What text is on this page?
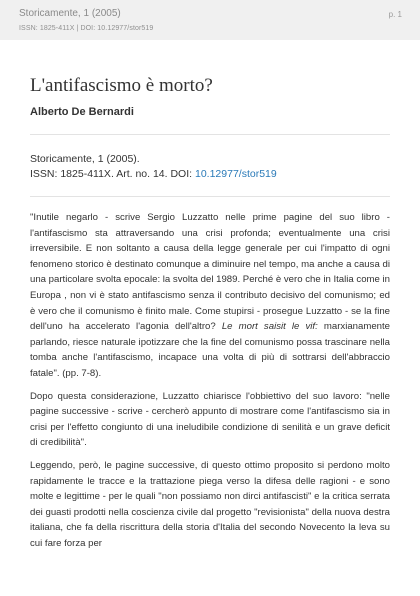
Storicamente, 1 (2005)
ISSN: 1825-411X | DOI: 10.12977/stor519
p. 1
L'antifascismo è morto?
Alberto De Bernardi
Storicamente, 1 (2005).
ISSN: 1825-411X. Art. no. 14. DOI: 10.12977/stor519

"Inutile negarlo - scrive Sergio Luzzatto nelle prime pagine del suo libro - l'antifascismo sta attraversando una crisi profonda; eventualmente una crisi irreversibile. E non soltanto a causa della legge generale per cui l'impatto di ogni fenomeno storico è destinato comunque a diminuire nel tempo, ma anche a causa di una particolare svolta epocale: la svolta del 1989. Perché è vero che in Italia come in Europa , non vi è stato antifascismo senza il contributo decisivo del comunismo; ed è vero che il comunismo è finito male. Come stupirsi - prosegue Luzzatto - se la fine dell'uno ha accelerato l'agonia dell'altro? Le mort saisit le vif: marxianamente parlando, riesce naturale ipotizzare che la fine del comunismo possa trascinare nella tomba anche l'antifascismo, incapace una volta di più di sottrarsi dell'abbraccio fatale". (pp. 7-8).

Dopo questa considerazione, Luzzatto chiarisce l'obbiettivo del suo lavoro: "nelle pagine successive - scrive - cercherò appunto di mostrare come l'antifascismo sia in crisi per l'effetto congiunto di una ineludibile condizione di senilità e un grave deficit di credibilità".

Leggendo, però, le pagine successive, di questo ottimo proposito si perdono molto rapidamente le tracce e la trattazione piega verso la difesa delle ragioni - e sono molte e legittime - per le quali "non possiamo non dirci antifascisti" e la critica serrata dei guasti prodotti nella coscienza civile dal progetto "revisionista" della nuova destra italiana, che fa della riscrittura della storia d'Italia del secondo Novecento la leva su cui fare forza per
